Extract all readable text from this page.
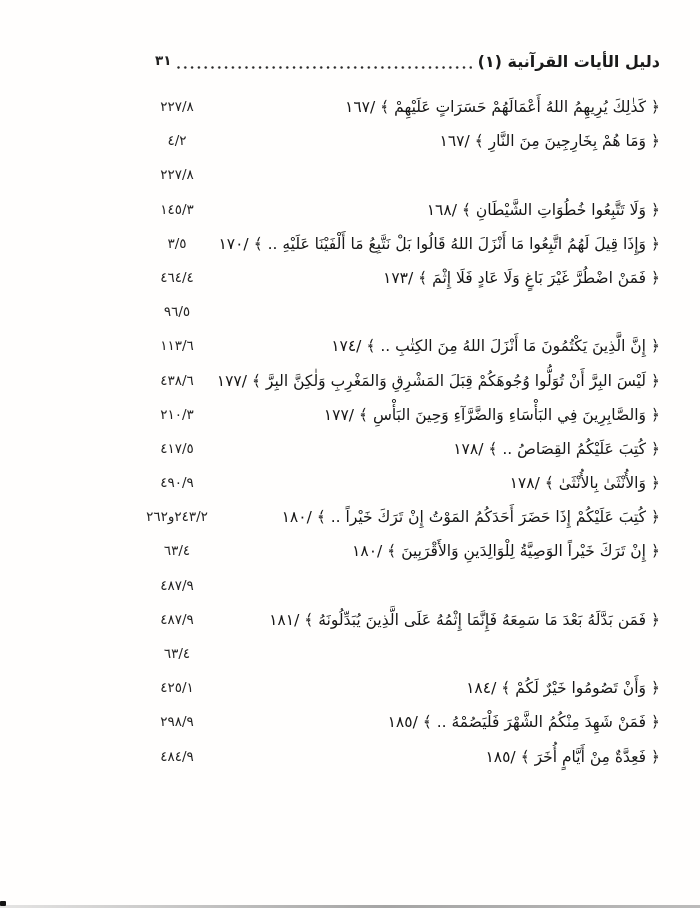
٣١	دليل الأيات القرآنية (١)
٢٢٧/٨	﴿ كَذٰلِكَ يُرِيهِمُ اللهُ أَعْمَالَهُمْ حَسَرَاتٍ عَلَيْهِمْ ﴾ /١٦٧
٤/٢	﴿ وَمَا هُمْ بِخَارِجِينَ مِنَ النَّارِ ﴾ /١٦٧
٢٢٧/٨
١٤٥/٣	﴿ وَلَا تَتَّبِعُوا خُطُوَاتِ الشَّيْطَانِ ﴾ /١٦٨
٣/٥	﴿ وَإِذَا قِيلَ لَهُمُ اتَّبِعُوا مَا أَنْزَلَ اللهُ قَالُوا بَلْ نَتَّبِعُ مَا أَلْفَيْنَا عَلَيْهِ .. ﴾ /١٧٠
٤٦٤/٤	﴿ فَمَنْ اضْطُرَّ غَيْرَ بَاغٍ وَلَا عَادٍ فَلَا إِثْمَ ﴾ /١٧٣
٩٦/٥
١١٣/٦	﴿ إِنَّ الَّذِينَ يَكْتُمُونَ مَا أَنْزَلَ اللهُ مِنَ الكِتٰبِ .. ﴾ /١٧٤
٤٣٨/٦	﴿ لَيْسَ البِرَّ أَنْ تُوَلُّوا وُجُوهَكُمْ قِبَلَ المَشْرِقِ وَالمَغْرِبِ وَلٰكِنَّ البِرَّ ﴾ /١٧٧
٢١٠/٣	﴿ وَالصَّابِرِينَ فِي البَأْسَاءِ وَالضَّرَّآءِ وَحِينَ البَأْسِ ﴾ /١٧٧
٤١٧/٥	﴿ كُتِبَ عَلَيْكُمُ القِصَاصُ .. ﴾ /١٧٨
٤٩٠/٩	﴿ وَالأُنْثَىٰ بِالأُنْثَىٰ ﴾ /١٧٨
٢٤٣/٢و٢٦٢	﴿ كُتِبَ عَلَيْكُمْ إِذَا حَضَرَ أَحَدَكُمُ المَوْتُ إِنْ تَرَكَ خَيْراً .. ﴾ /١٨٠
٦٣/٤	﴿ إِنْ تَرَكَ خَيْراً الوَصِيَّةُ لِلْوَالِدَينِ وَالأَقْرَبِينَ ﴾ /١٨٠
٤٨٧/٩
٤٨٧/٩	﴿ فَمَن بَدَّلَهُ بَعْدَ مَا سَمِعَهُ فَإِنَّمَا إِثْمُهُ عَلَى الَّذِينَ يُبَدِّلُونَهُ ﴾ /١٨١
٦٣/٤
٤٢٥/١	﴿ وَأَنْ تَصُومُوا خَيْرٌ لَكُمْ ﴾ /١٨٤
٢٩٨/٩	﴿ فَمَنْ شَهِدَ مِنْكُمُ الشَّهْرَ فَلْيَصُمْهُ .. ﴾ /١٨٥
٤٨٤/٩	﴿ فَعِدَّةٌ مِنْ أَيَّامٍ أُخَرَ ﴾ /١٨٥
